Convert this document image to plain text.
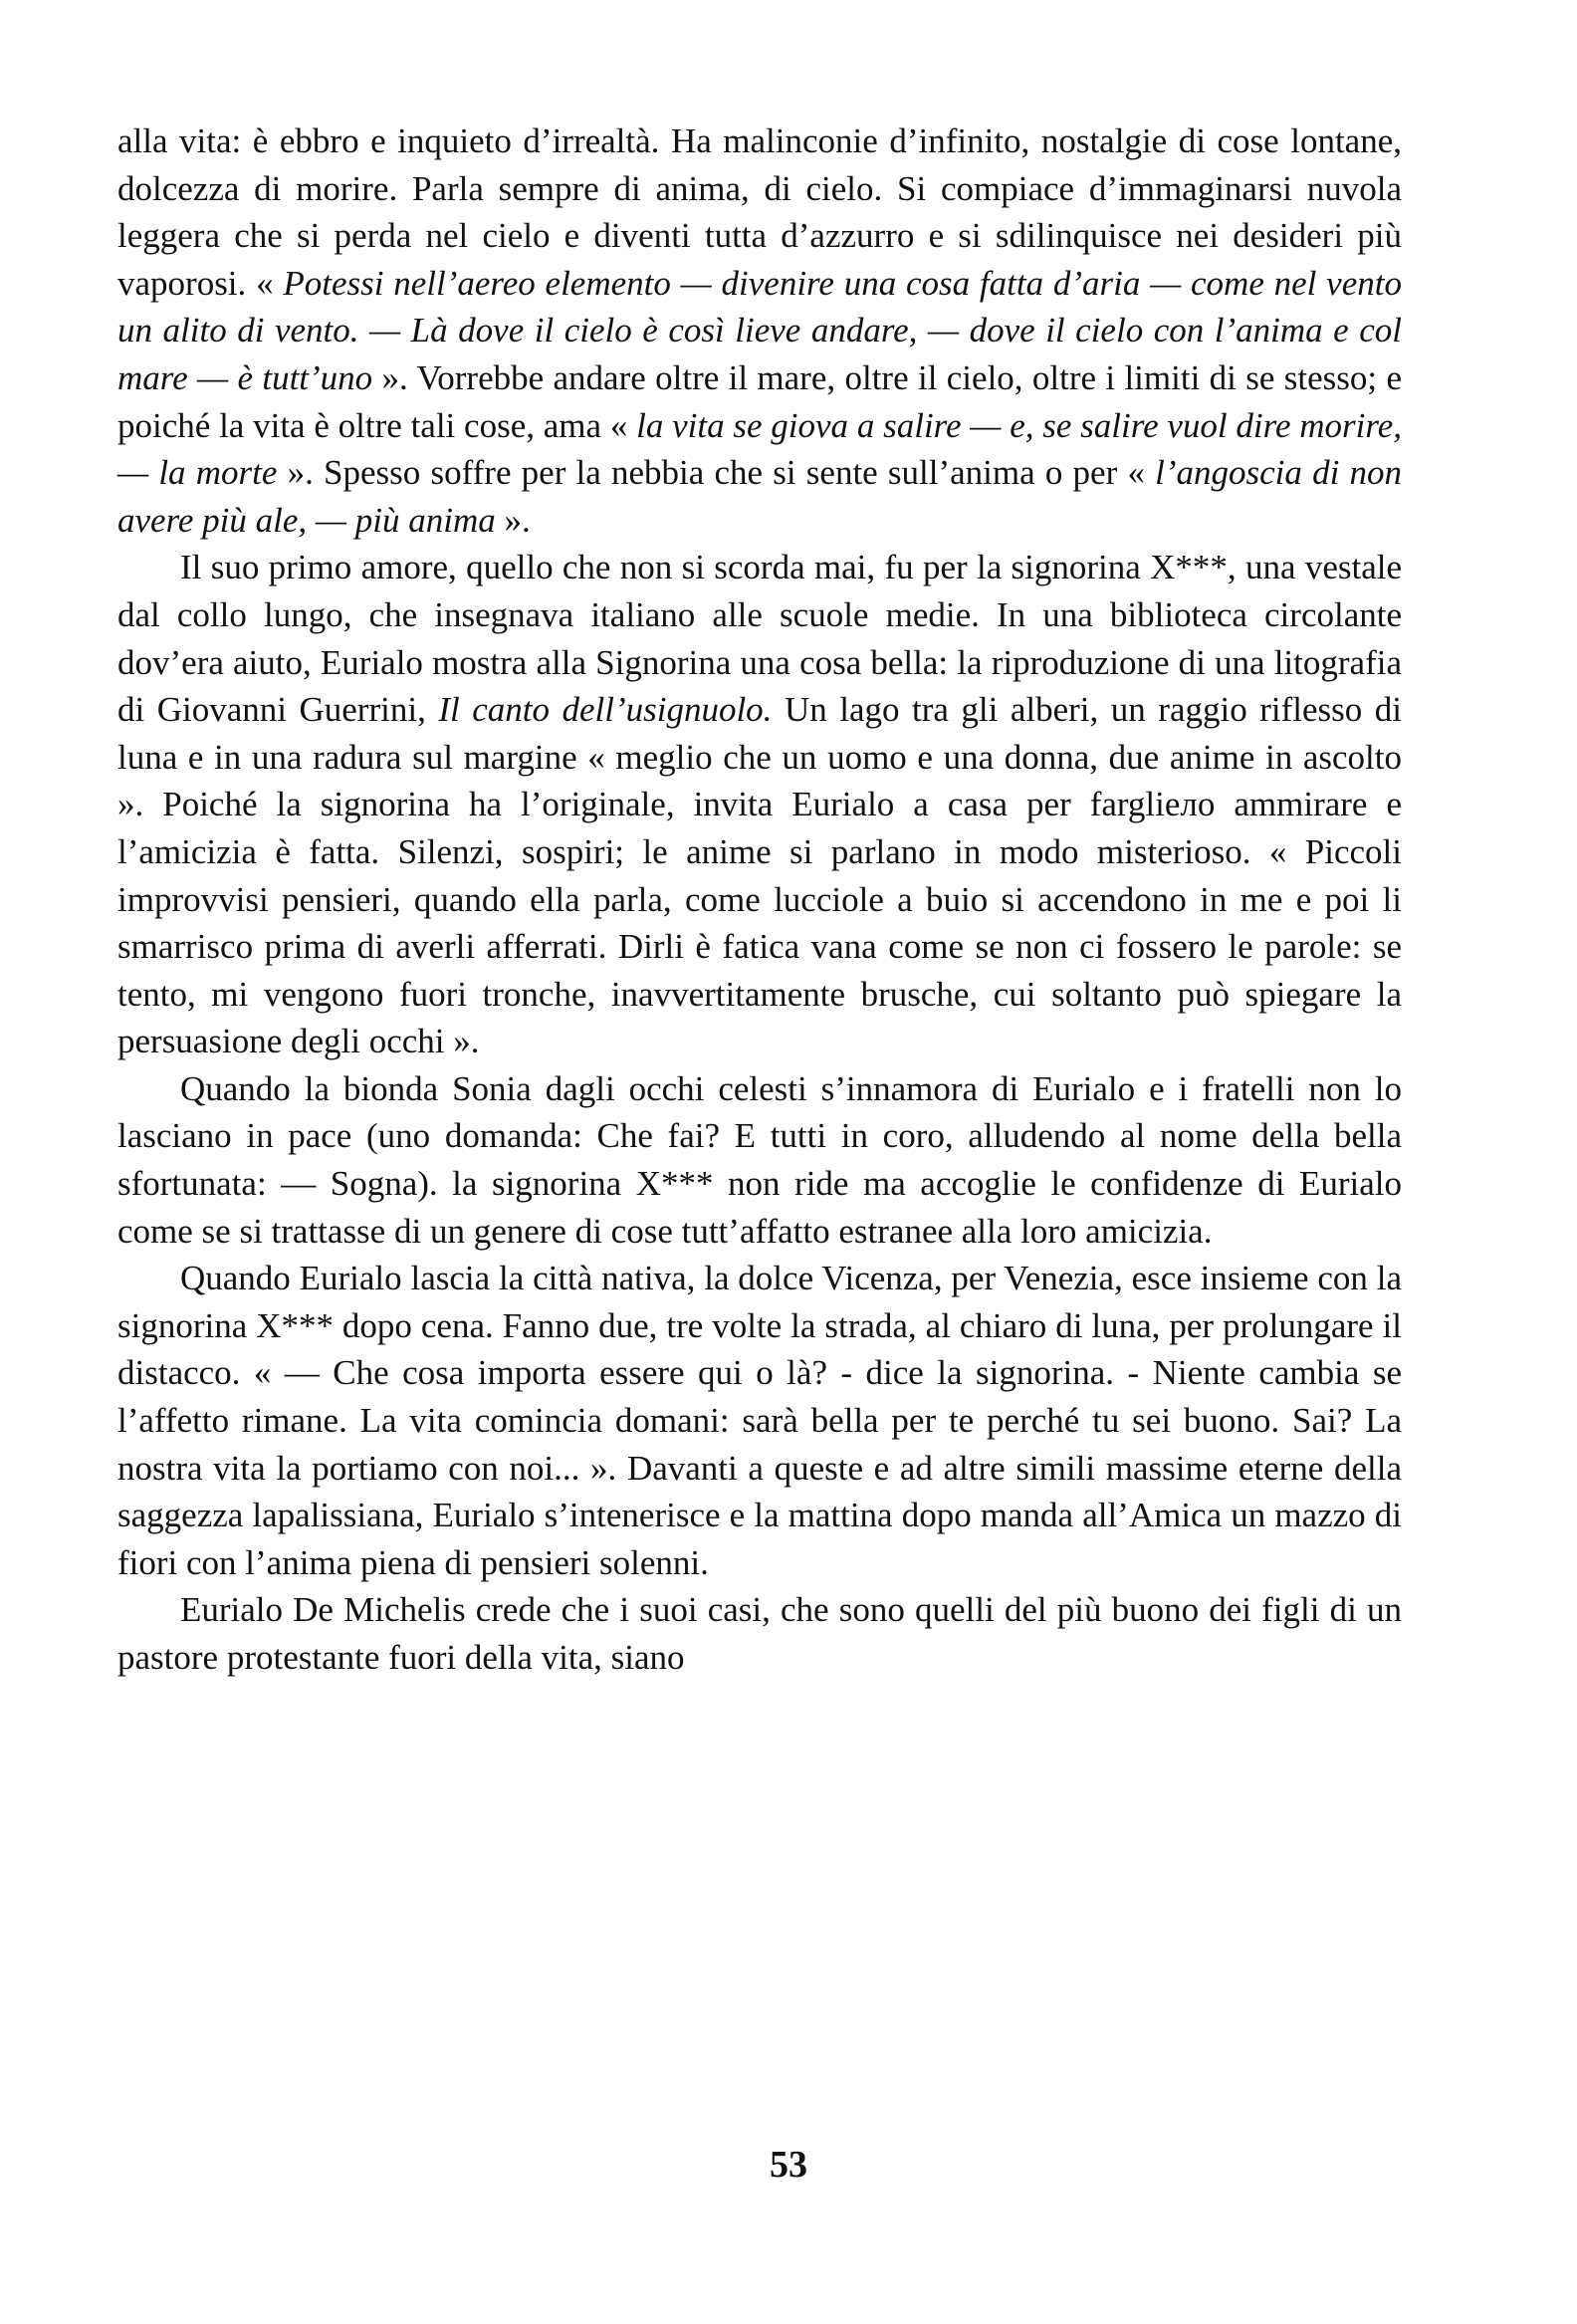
alla vita: è ebbro e inquieto d’irrealtà. Ha malinconie d’infinito, nostalgie di cose lontane, dolcezza di morire. Parla sempre di anima, di cielo. Si compiace d’immaginarsi nuvola leggera che si perda nel cielo e diventi tutta d’azzurro e si sdilinquisce nei desideri più vaporosi. « Potessi nell’aereo elemento — divenire una cosa fatta d’aria — come nel vento un alito di vento. — Là dove il cielo è così lieve andare, — dove il cielo con l’anima e col mare — è tutt’uno ». Vorrebbe andare oltre il mare, oltre il cielo, oltre i limiti di se stesso; e poiché la vita è oltre tali cose, ama « la vita se giova a salire — e, se salire vuol dire morire, — la morte ». Spesso soffre per la nebbia che si sente sull’anima o per « l’angoscia di non avere più ale, — più anima ».

Il suo primo amore, quello che non si scorda mai, fu per la signorina X***, una vestale dal collo lungo, che insegnava italiano alle scuole medie. In una biblioteca circolante dov’era aiuto, Eurialo mostra alla Signorina una cosa bella: la riproduzione di una litografia di Giovanni Guerrini, Il canto dell’usignuolo. Un lago tra gli alberi, un raggio riflesso di luna e in una radura sul margine « meglio che un uomo e una donna, due anime in ascolto ». Poiché la signorina ha l’originale, invita Eurialo a casa per fargliело ammirare e l’amicizia è fatta. Silenzi, sospiri; le anime si parlano in modo misterioso. « Piccoli improvvisi pensieri, quando ella parla, come lucciole a buio si accendono in me e poi li smarrisco prima di averli afferrati. Dirli è fatica vana come se non ci fossero le parole: se tento, mi vengono fuori tronche, inavvertitamente brusche, cui soltanto può spiegare la persuasione degli occhi ».

Quando la bionda Sonia dagli occhi celesti s’innamora di Eurialo e i fratelli non lo lasciano in pace (uno domanda: Che fai? E tutti in coro, alludendo al nome della bella sfortunata: — Sogna). la signorina X*** non ride ma accoglie le confidenze di Eurialo come se si trattasse di un genere di cose tutt’affatto estranee alla loro amicizia.

Quando Eurialo lascia la città nativa, la dolce Vicenza, per Venezia, esce insieme con la signorina X*** dopo cena. Fanno due, tre volte la strada, al chiaro di luna, per prolungare il distacco. « — Che cosa importa essere qui o là? - dice la signorina. - Niente cambia se l’affetto rimane. La vita comincia domani: sarà bella per te perché tu sei buono. Sai? La nostra vita la portiamo con noi... ». Davanti a queste e ad altre simili massime eterne della saggezza lapalissiana, Eurialo s’intenerisce e la mattina dopo manda all’Amica un mazzo di fiori con l’anima piena di pensieri solenni.

Eurialo De Michelis crede che i suoi casi, che sono quelli del più buono dei figli di un pastore protestante fuori della vita, siano

53
